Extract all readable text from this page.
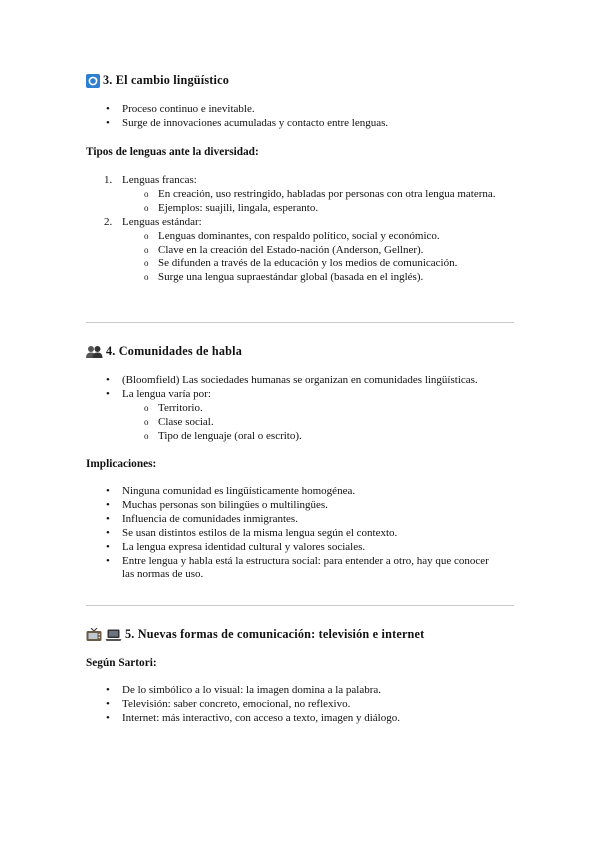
3. El cambio lingüístico
• Proceso continuo e inevitable.
• Surge de innovaciones acumuladas y contacto entre lenguas.
Tipos de lenguas ante la diversidad:
1. Lenguas francas:
o En creación, uso restringido, habladas por personas con otra lengua materna.
o Ejemplos: suajili, lingala, esperanto.
2. Lenguas estándar:
o Lenguas dominantes, con respaldo político, social y económico.
o Clave en la creación del Estado-nación (Anderson, Gellner).
o Se difunden a través de la educación y los medios de comunicación.
o Surge una lengua supraestándar global (basada en el inglés).
4. Comunidades de habla
• (Bloomfield) Las sociedades humanas se organizan en comunidades lingüísticas.
• La lengua varía por:
o Territorio.
o Clase social.
o Tipo de lenguaje (oral o escrito).
Implicaciones:
• Ninguna comunidad es lingüísticamente homogénea.
• Muchas personas son bilingües o multilingües.
• Influencia de comunidades inmigrantes.
• Se usan distintos estilos de la misma lengua según el contexto.
• La lengua expresa identidad cultural y valores sociales.
• Entre lengua y habla está la estructura social: para entender a otro, hay que conocer las normas de uso.
5. Nuevas formas de comunicación: televisión e internet
Según Sartori:
• De lo simbólico a lo visual: la imagen domina a la palabra.
• Televisión: saber concreto, emocional, no reflexivo.
• Internet: más interactivo, con acceso a texto, imagen y diálogo.
